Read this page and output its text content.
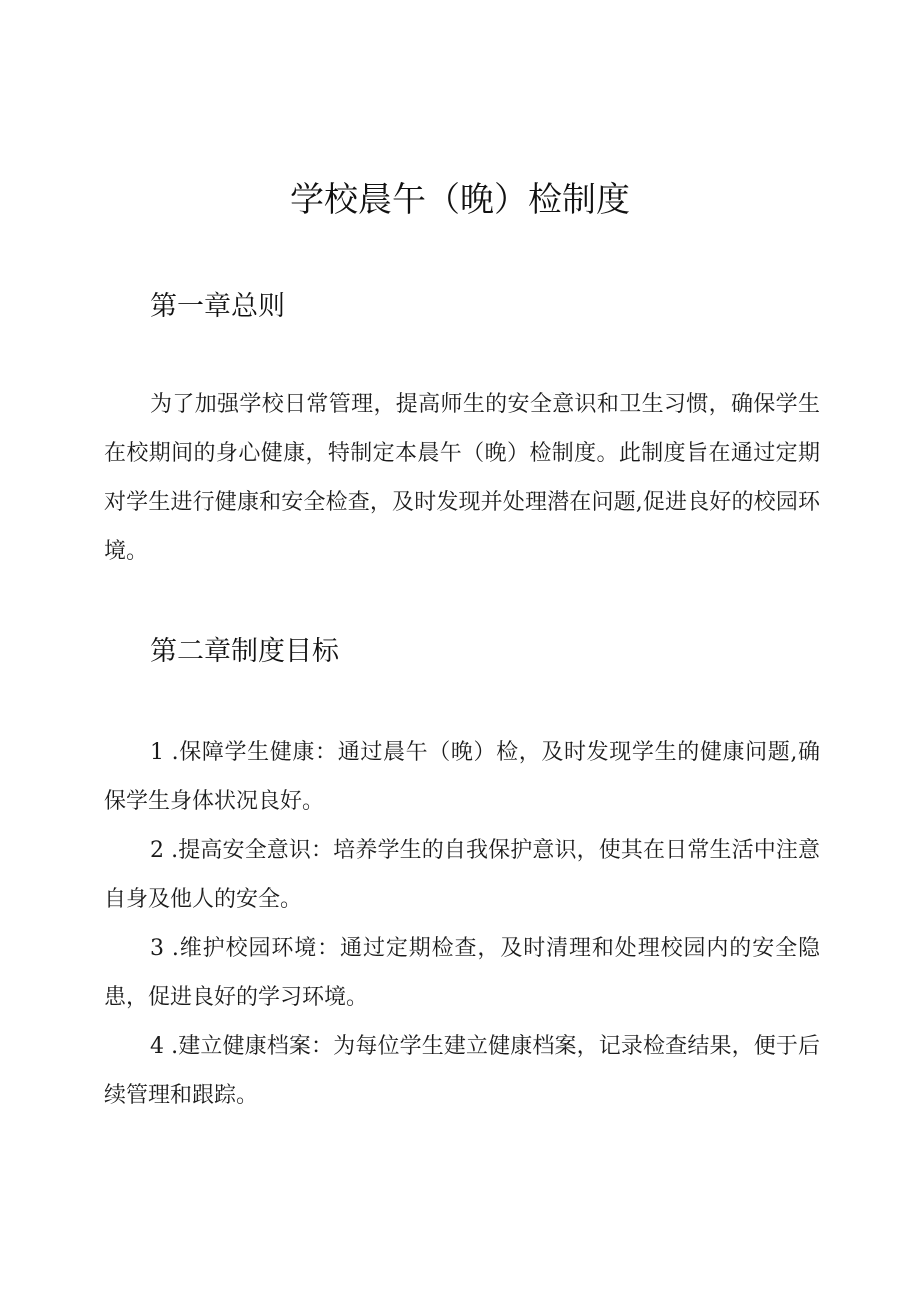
学校晨午（晚）检制度
第一章总则

为了加强学校日常管理，提高师生的安全意识和卫生习惯，确保学生在校期间的身心健康，特制定本晨午（晚）检制度。此制度旨在通过定期对学生进行健康和安全检查，及时发现并处理潜在问题,促进良好的校园环境。

第二章制度目标
1 .保障学生健康：通过晨午（晚）检，及时发现学生的健康问题,确保学生身体状况良好。
2 .提高安全意识：培养学生的自我保护意识，使其在日常生活中注意自身及他人的安全。
3 .维护校园环境：通过定期检查，及时清理和处理校园内的安全隐患，促进良好的学习环境。
4 .建立健康档案：为每位学生建立健康档案，记录检查结果，便于后续管理和跟踪。
